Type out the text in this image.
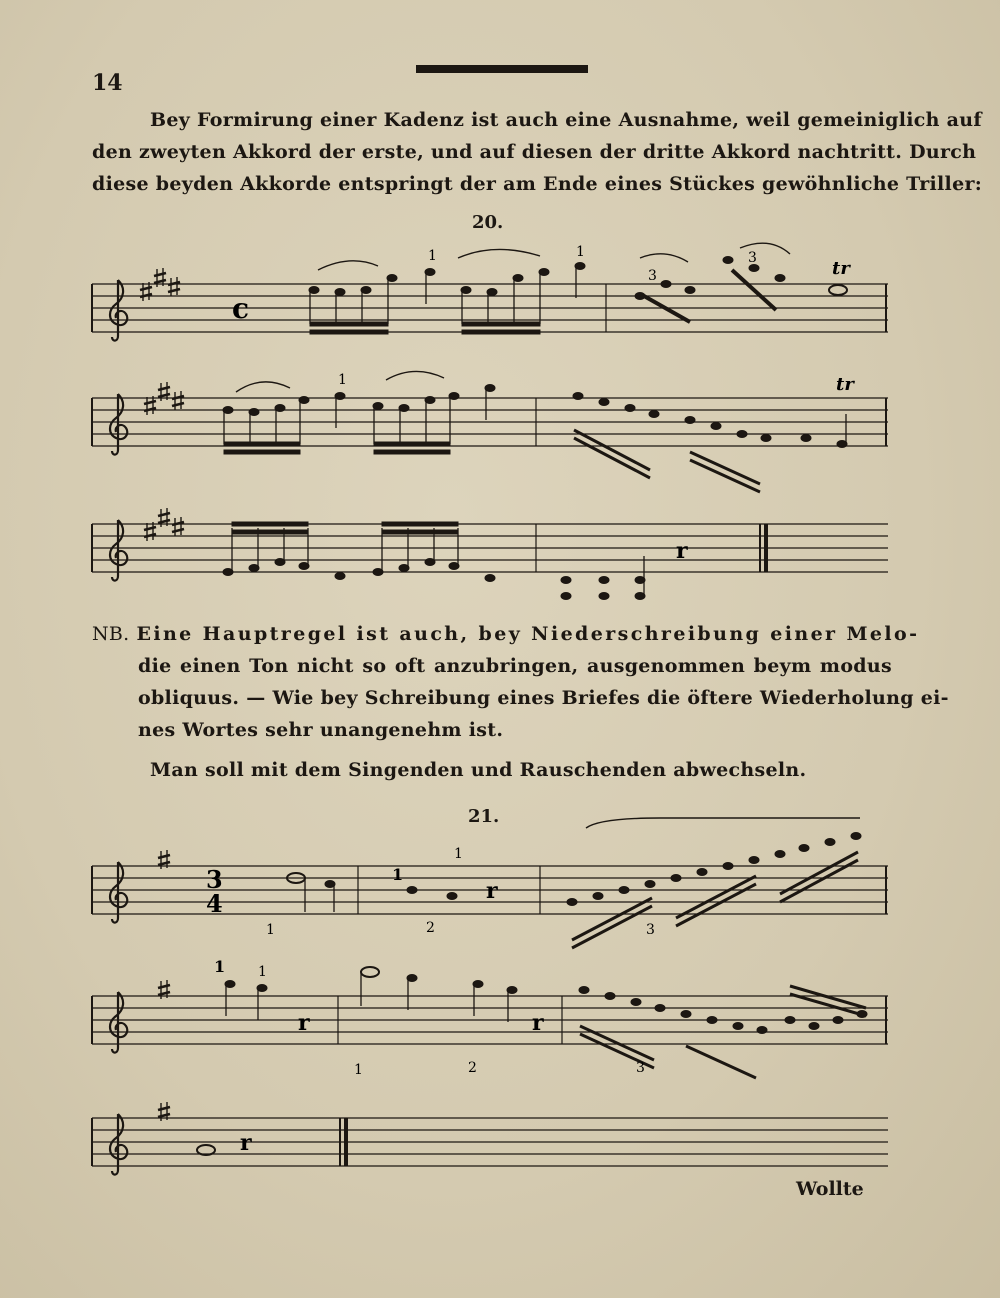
14
Bey Formirung einer Kadenz ist auch eine Ausnahme, weil gemeiniglich auf
den zweyten Akkord der erste, und auf diesen der dritte Akkord nachtritt. Durch
diese beyden Akkorde entspringt der am Ende eines Stückes gewöhnliche Triller:
20.
NB. Eine Hauptregel ist auch, bey Niederschreibung einer Melo-
die einen Ton nicht so oft anzubringen, ausgenommen beym modus
obliquus. — Wie bey Schreibung eines Briefes die öftere Wiederholung ei-
nes Wortes sehr unangenehm ist.
Man soll mit dem Singenden und Rauschenden abwechseln.
21.
Wollte
c
1	1
3
3	tr
1	tr
r
3
4	r
1
1
1	2	3
r	r
1 1
1	2	3
r
